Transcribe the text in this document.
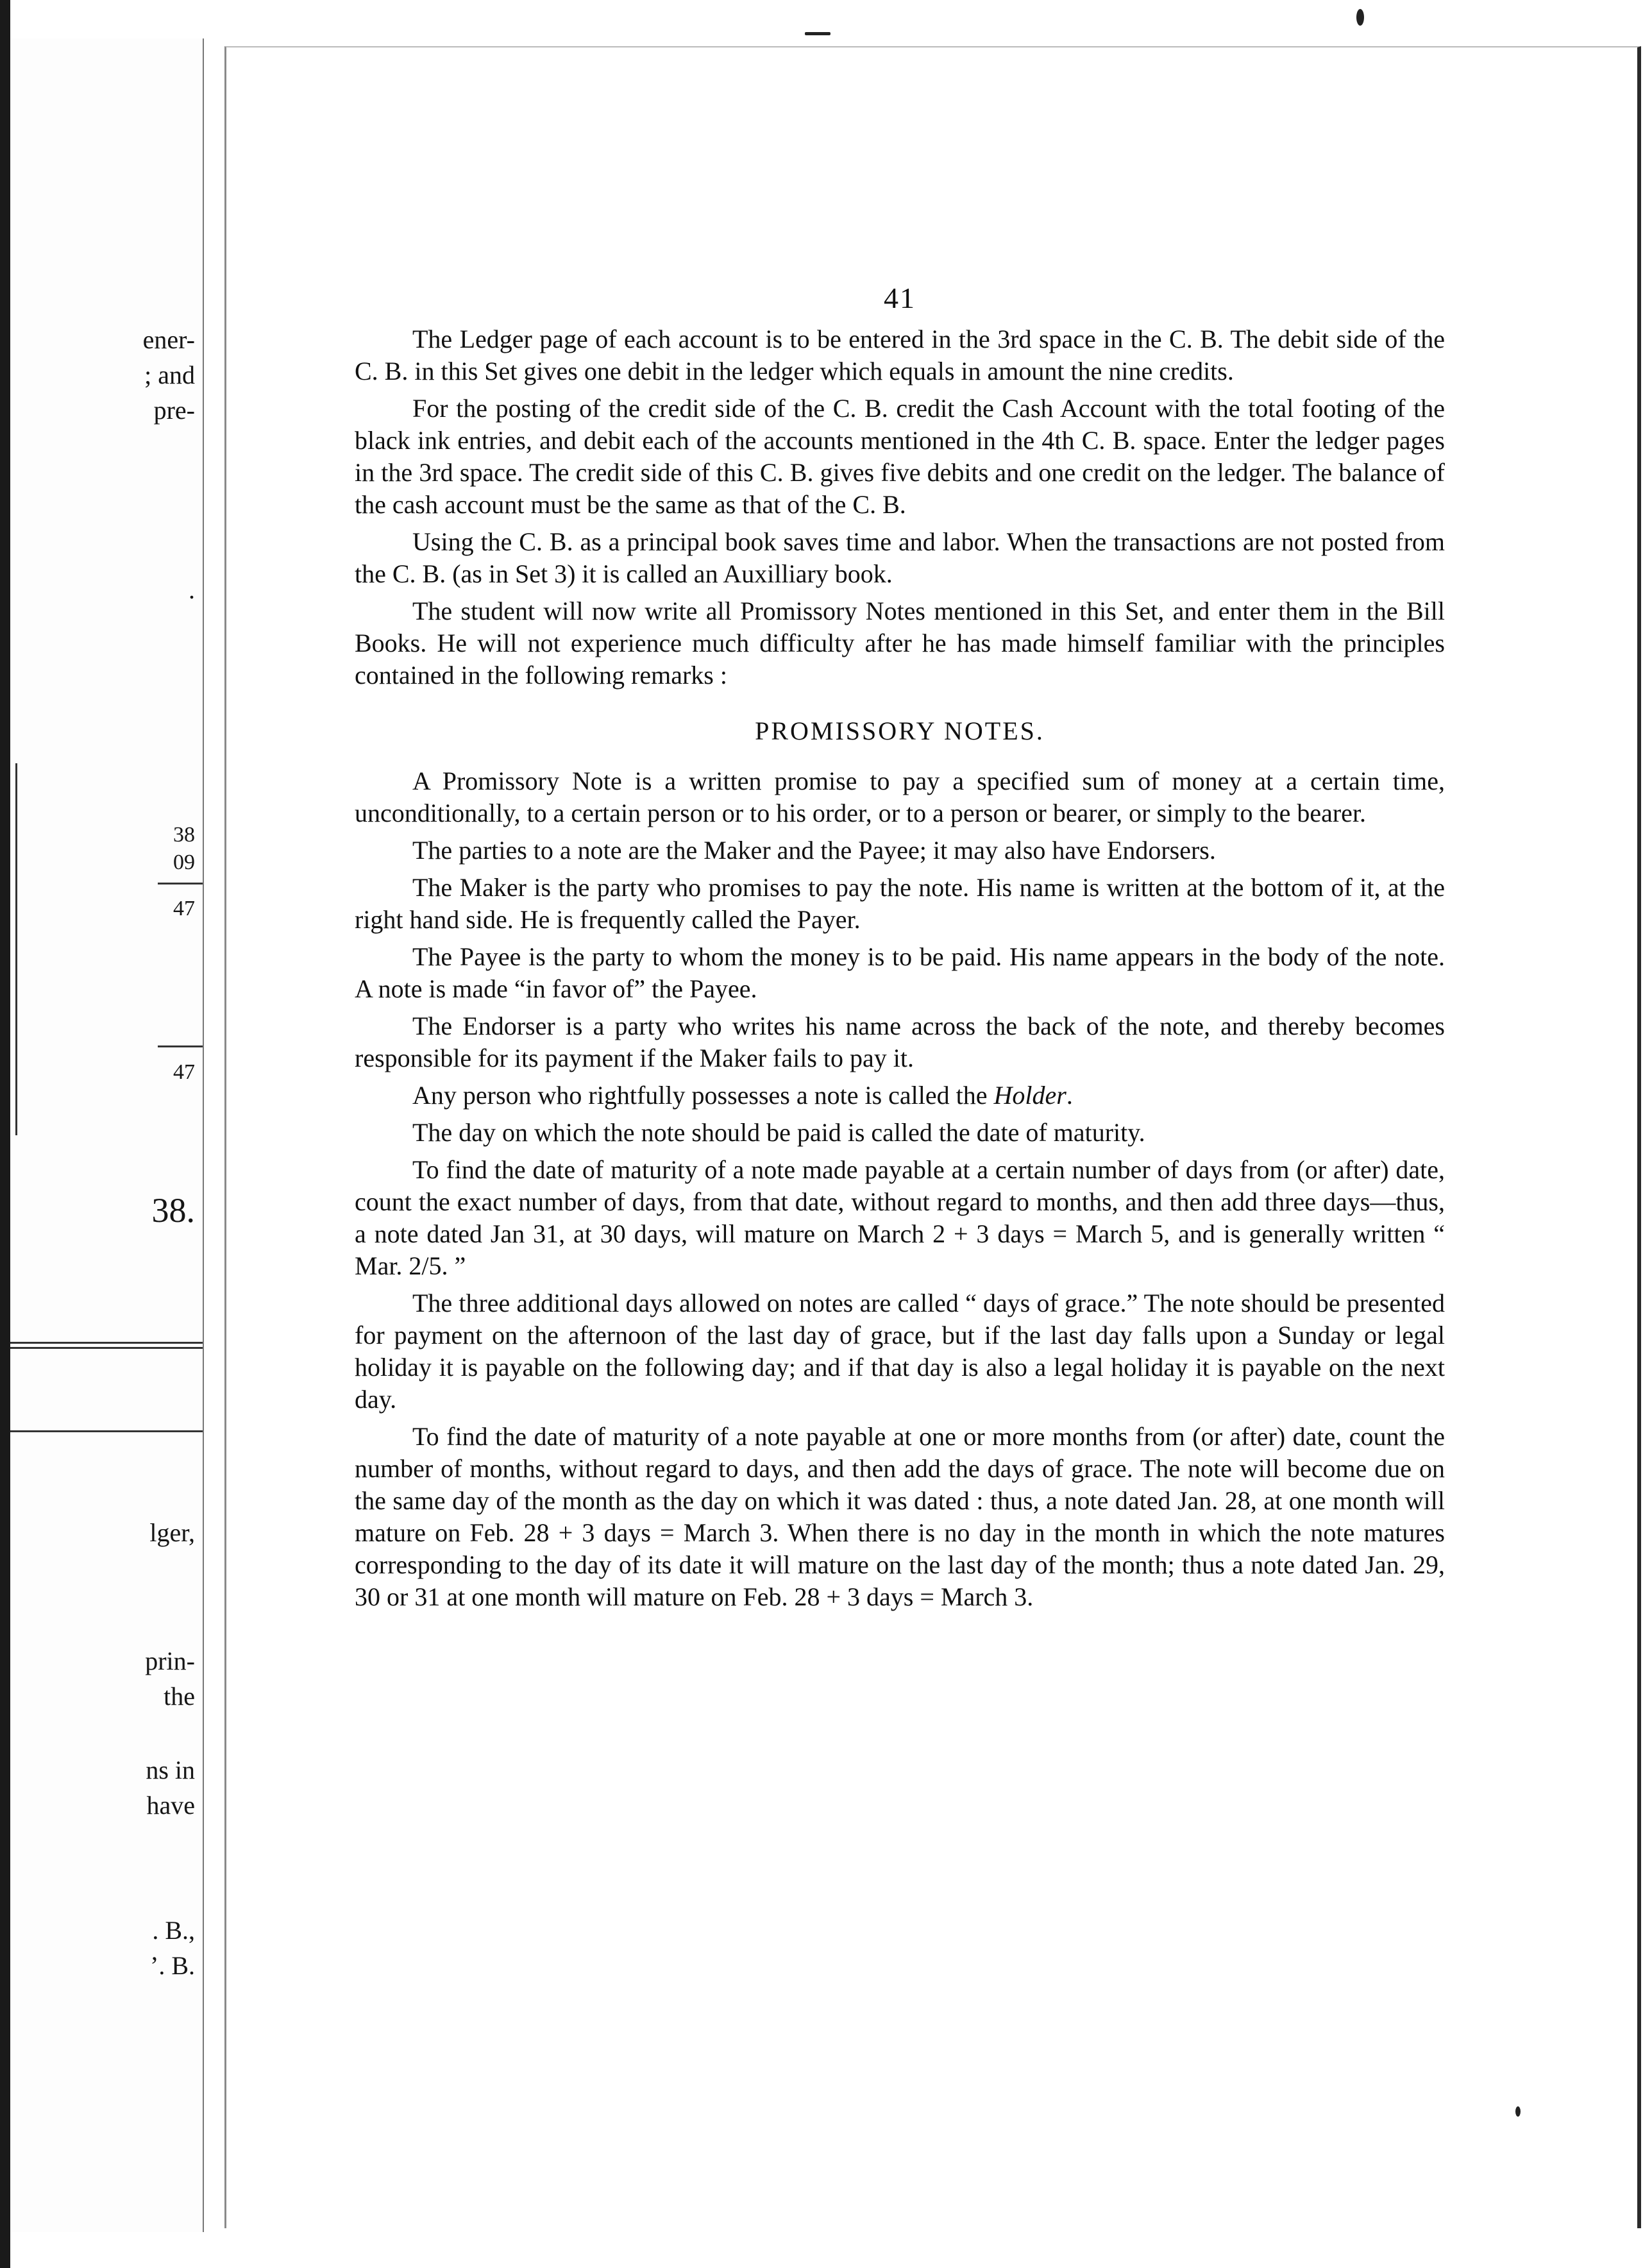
ener-
; and
pre-
.
38
09
47
47
38.
lger,
prin-
the
ns in
have
. B.,
’. B.
41

The Ledger page of each account is to be entered in the 3rd space in the C. B. The debit side of the C. B. in this Set gives one debit in the ledger which equals in amount the nine credits.

For the posting of the credit side of the C. B. credit the Cash Account with the total footing of the black ink entries, and debit each of the accounts mentioned in the 4th C. B. space. Enter the ledger pages in the 3rd space. The credit side of this C. B. gives five debits and one credit on the ledger. The balance of the cash account must be the same as that of the C. B.

Using the C. B. as a principal book saves time and labor. When the transactions are not posted from the C. B. (as in Set 3) it is called an Auxilliary book.

The student will now write all Promissory Notes mentioned in this Set, and enter them in the Bill Books. He will not experience much difficulty after he has made himself familiar with the principles contained in the following remarks :

PROMISSORY NOTES.

A Promissory Note is a written promise to pay a specified sum of money at a certain time, unconditionally, to a certain person or to his order, or to a person or bearer, or simply to the bearer.

The parties to a note are the Maker and the Payee; it may also have Endorsers.

The Maker is the party who promises to pay the note. His name is written at the bottom of it, at the right hand side. He is frequently called the Payer.

The Payee is the party to whom the money is to be paid. His name appears in the body of the note. A note is made “in favor of” the Payee.

The Endorser is a party who writes his name across the back of the note, and thereby becomes responsible for its payment if the Maker fails to pay it.

Any person who rightfully possesses a note is called the Holder.

The day on which the note should be paid is called the date of maturity.

To find the date of maturity of a note made payable at a certain number of days from (or after) date, count the exact number of days, from that date, without regard to months, and then add three days—thus, a note dated Jan 31, at 30 days, will mature on March 2 + 3 days = March 5, and is generally written “ Mar. 2/5. ”

The three additional days allowed on notes are called “ days of grace.” The note should be presented for payment on the afternoon of the last day of grace, but if the last day falls upon a Sunday or legal holiday it is payable on the following day; and if that day is also a legal holiday it is payable on the next day.

To find the date of maturity of a note payable at one or more months from (or after) date, count the number of months, without regard to days, and then add the days of grace. The note will become due on the same day of the month as the day on which it was dated : thus, a note dated Jan. 28, at one month will mature on Feb. 28 + 3 days = March 3. When there is no day in the month in which the note matures corresponding to the day of its date it will mature on the last day of the month; thus a note dated Jan. 29, 30 or 31 at one month will mature on Feb. 28 + 3 days = March 3.
